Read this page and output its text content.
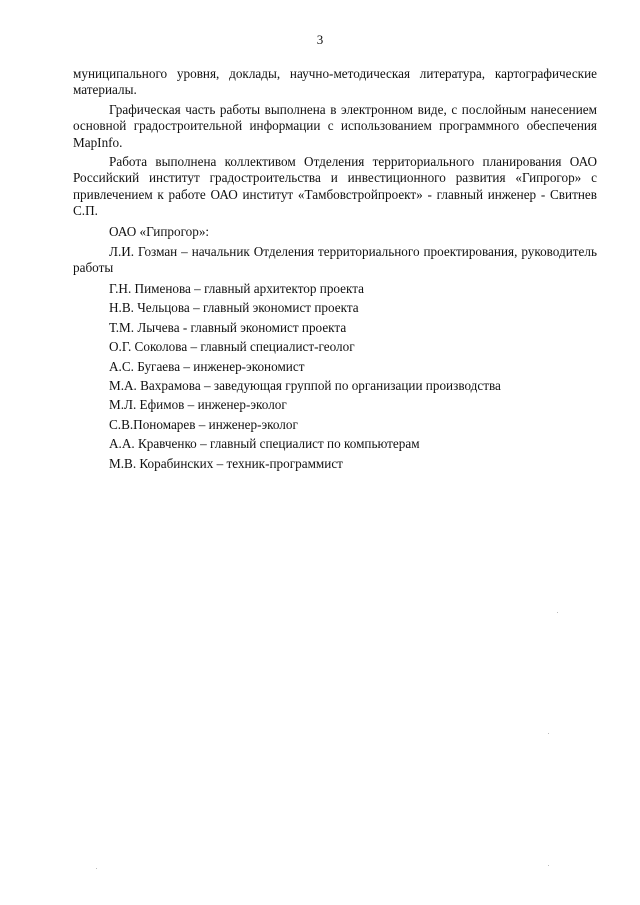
3

муниципального уровня, доклады, научно-методическая литература, картографические материалы.

Графическая часть работы выполнена в электронном виде, с послойным нанесением основной градостроительной информации с использованием программного обеспечения MapInfo.

Работа выполнена коллективом Отделения территориального планирования ОАО Российский институт градостроительства и инвестиционного развития «Гипрогор» с привлечением к работе ОАО институт «Тамбовстройпроект» - главный инженер - Свитнев С.П.

ОАО «Гипрогор»:

Л.И. Гозман – начальник Отделения территориального проектирования, руководитель работы

Г.Н. Пименова – главный архитектор проекта
Н.В. Чельцова – главный экономист проекта
Т.М. Лычева - главный экономист проекта
О.Г. Соколова – главный специалист-геолог
А.С. Бугаева – инженер-экономист
М.А. Вахрамова – заведующая группой по организации производства
М.Л. Ефимов – инженер-эколог
С.В.Пономарев – инженер-эколог
А.А. Кравченко – главный специалист по компьютерам
М.В. Корабинских – техник-программист
